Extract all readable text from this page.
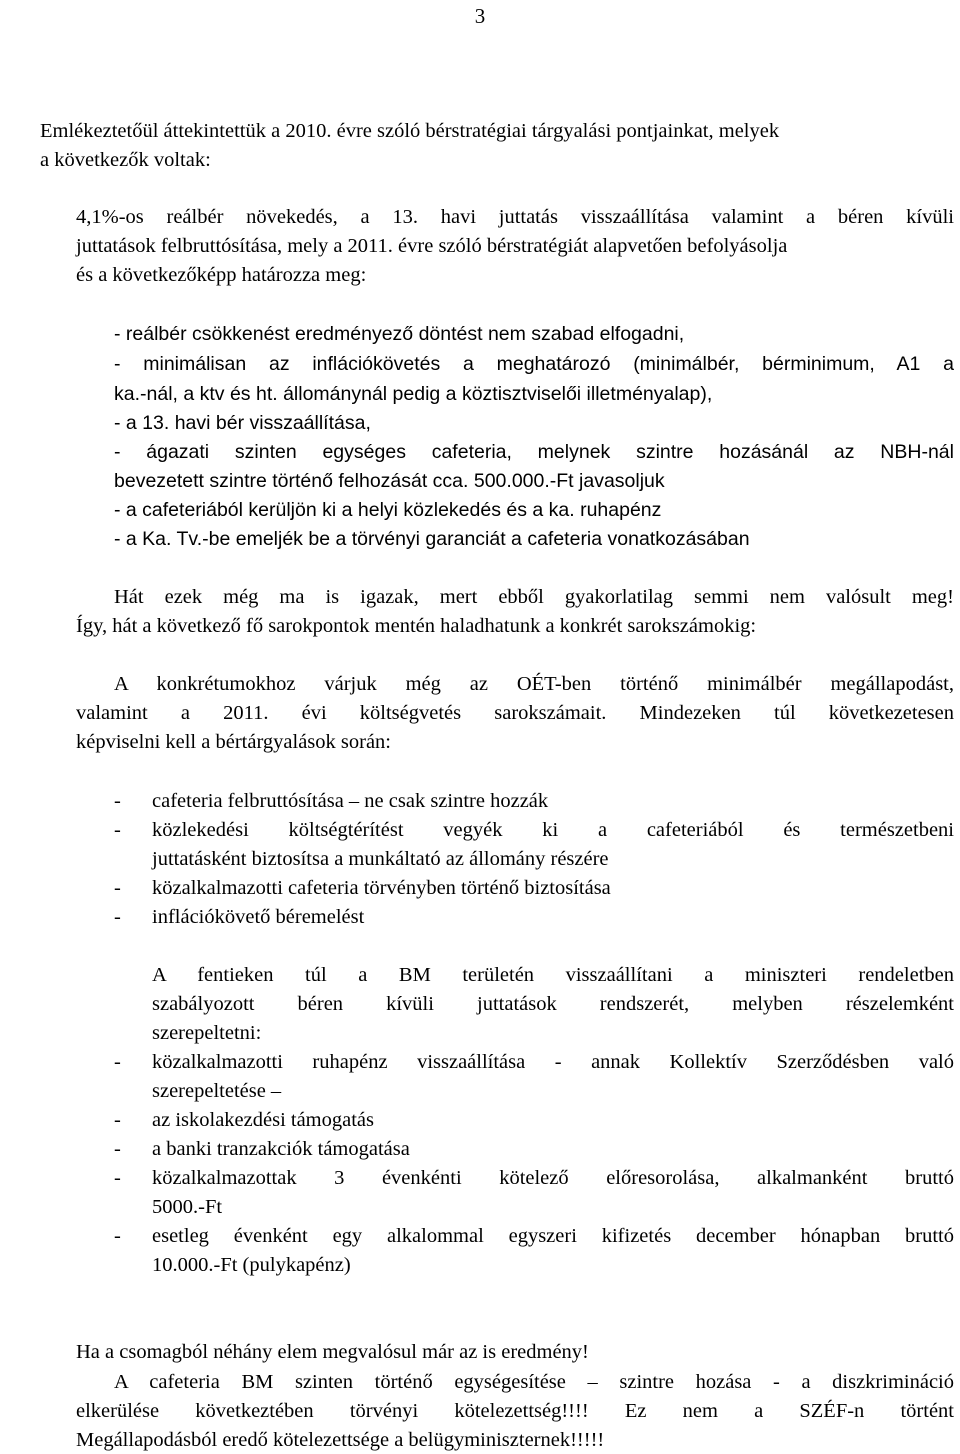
3
Emlékeztetőül áttekintettük a 2010. évre szóló bérstratégiai tárgyalási pontjainkat, melyek
a következők voltak:
4,1%-os reálbér növekedés, a 13. havi juttatás visszaállítása valamint a béren kívüli
juttatások felbruttósítása, mely a 2011. évre szóló bérstratégiát alapvetően befolyásolja
és a következőképp határozza meg:
- reálbér csökkenést eredményező döntést nem szabad elfogadni,
- minimálisan az inflációkövetés a meghatározó (minimálbér, bérminimum, A1 a
ka.-nál, a ktv és ht. állománynál pedig a köztisztviselői illetményalap),
- a 13. havi bér visszaállítása,
- ágazati szinten egységes cafeteria, melynek szintre hozásánál az NBH-nál
bevezetett szintre történő felhozását cca. 500.000.-Ft javasoljuk
- a cafeteriából kerüljön ki a helyi közlekedés és a ka. ruhapénz
- a Ka. Tv.-be emeljék be a törvényi garanciát a cafeteria vonatkozásában
Hát ezek még ma is igazak, mert ebből gyakorlatilag semmi nem valósult meg!
Így, hát a következő fő sarokpontok mentén haladhatunk a konkrét sarokszámokig:
A konkrétumokhoz várjuk még az OÉT-ben történő minimálbér megállapodást,
valamint a 2011. évi költségvetés sarokszámait. Mindezeken túl következetesen
képviselni kell a bértárgyalások során:
- cafeteria felbruttósítása – ne csak szintre hozzák
- közlekedési költségtérítést vegyék ki a cafeteriából és természetbeni
juttatásként biztosítsa a munkáltató az állomány részére
- közalkalmazotti cafeteria törvényben történő biztosítása
- inflációkövető béremelést
A fentieken túl a BM területén visszaállítani a miniszteri rendeletben
szabályozott béren kívüli juttatások rendszerét, melyben részelemként
szerepeltetni:
- közalkalmazotti ruhapénz visszaállítása - annak Kollektív Szerződésben való
szerepeltetése –
- az iskolakezdési támogatás
- a banki tranzakciók támogatása
- közalkalmazottak 3 évenkénti kötelező előresorolása, alkalmanként bruttó
5000.-Ft
- esetleg évenként egy alkalommal egyszeri kifizetés december hónapban bruttó
10.000.-Ft (pulykapénz)
Ha a csomagból néhány elem megvalósul már az is eredmény!
A cafeteria BM szinten történő egységesítése – szintre hozása - a diszkrimináció
elkerülése következtében törvényi kötelezettség!!!! Ez nem a SZÉF-n történt
Megállapodásból eredő kötelezettsége a belügyminiszternek!!!!!
